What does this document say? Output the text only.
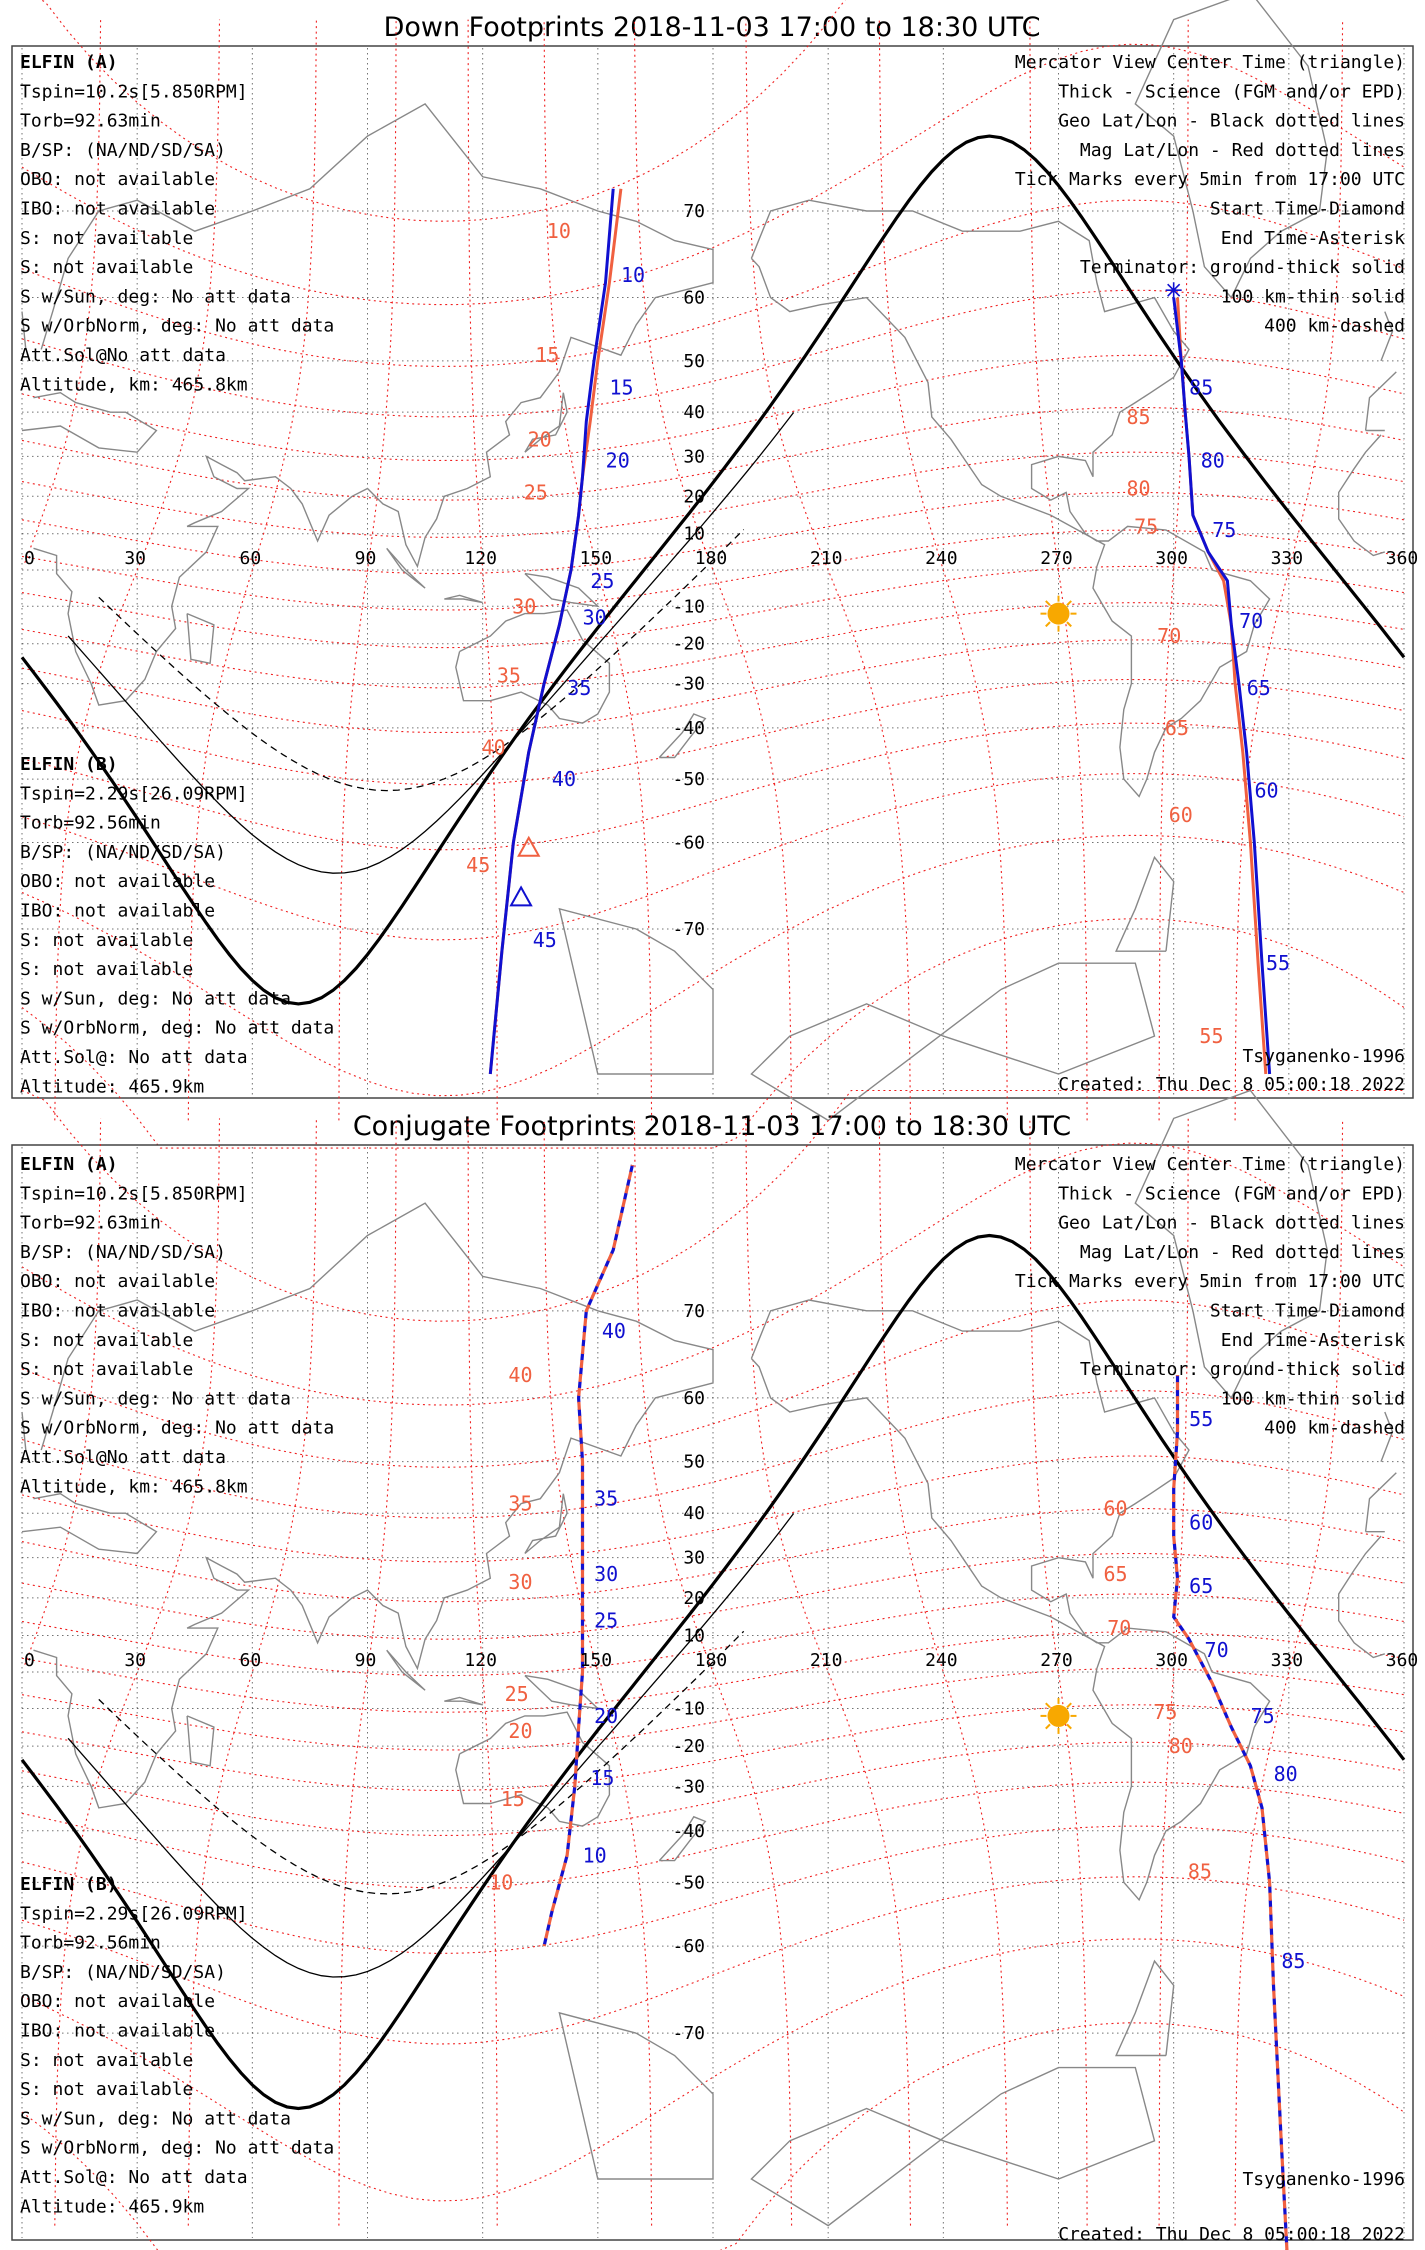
Down Footprints 2018-11-03 17:00 to 18:30 UTC
10
15
20
25
30
35
40
45
85
80
75
70
65
60
55
10
15
20
25
30
35
40
45
85
80
75
70
65
60
55
0	30	60	90	120	150	180	210	240	270	300	330	360
70
60
50
40
30
20
10
-10
-20
-30
-40
-50
-60
-70
ELFIN (A)
Tspin=10.2s[5.850RPM]
Torb=92.63min
B/SP: (NA/ND/SD/SA)
OBO: not available
IBO: not available
S: not available
S: not available
S w/Sun, deg: No att data
S w/OrbNorm, deg: No att data
Att.Sol@No att data
Altitude, km: 465.8km
ELFIN (B)
Tspin=2.29s[26.09RPM]
Torb=92.56min
B/SP: (NA/ND/SD/SA)
OBO: not available
IBO: not available
S: not available
S: not available
S w/Sun, deg: No att data
S w/OrbNorm, deg: No att data
Att.Sol@: No att data
Altitude: 465.9km
Mercator View Center Time (triangle)
Thick - Science (FGM and/or EPD)
Geo Lat/Lon - Black dotted lines
Mag Lat/Lon - Red dotted lines
Tick Marks every 5min from 17:00 UTC
Start Time-Diamond
End Time-Asterisk
Terminator: ground-thick solid
100 km-thin solid
400 km-dashed
Tsyganenko-1996
Created: Thu Dec 8 05:00:18 2022
Conjugate Footprints 2018-11-03 17:00 to 18:30 UTC
40
35
30
25
20
15
10
55
60
65
70
75
80
85
40
35
30
25
20
15
10
60
65
70
75
80
85
0	30	60	90	120	150	180	210	240	270	300	330	360
70
60
50
40
30
20
10
-10
-20
-30
-40
-50
-60
-70
ELFIN (A)
Tspin=10.2s[5.850RPM]
Torb=92.63min
B/SP: (NA/ND/SD/SA)
OBO: not available
IBO: not available
S: not available
S: not available
S w/Sun, deg: No att data
S w/OrbNorm, deg: No att data
Att.Sol@No att data
Altitude, km: 465.8km
ELFIN (B)
Tspin=2.29s[26.09RPM]
Torb=92.56min
B/SP: (NA/ND/SD/SA)
OBO: not available
IBO: not available
S: not available
S: not available
S w/Sun, deg: No att data
S w/OrbNorm, deg: No att data
Att.Sol@: No att data
Altitude: 465.9km
Mercator View Center Time (triangle)
Thick - Science (FGM and/or EPD)
Geo Lat/Lon - Black dotted lines
Mag Lat/Lon - Red dotted lines
Tick Marks every 5min from 17:00 UTC
Start Time-Diamond
End Time-Asterisk
Terminator: ground-thick solid
100 km-thin solid
400 km-dashed
Tsyganenko-1996
Created: Thu Dec 8 05:00:18 2022
